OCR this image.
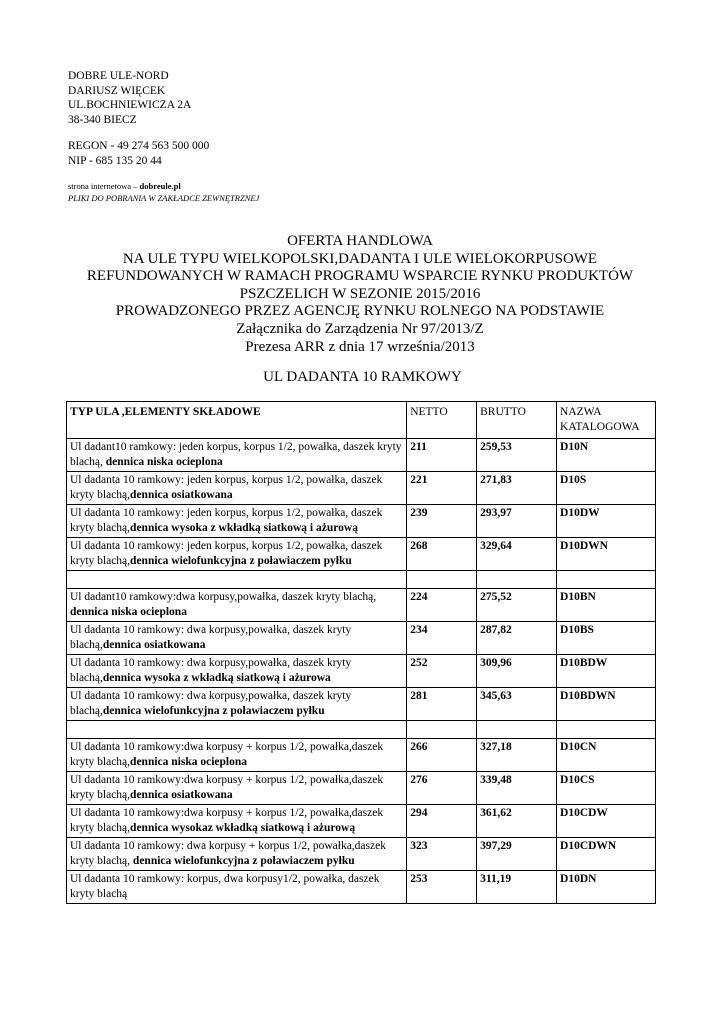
DOBRE ULE-NORD
DARIUSZ WIĘCEK
UL.BOCHNIEWICZA 2A
38-340 BIECZ
REGON - 49 274 563 500 000
NIP - 685 135 20 44
strona internetowa – dobreule.pl
PLIKI DO POBRANIA W ZAKŁADCE ZEWNĘTRZNEJ
OFERTA HANDLOWA
NA ULE TYPU WIELKOPOLSKI,DADANTA I ULE WIELOKORPUSOWE
REFUNDOWANYCH W RAMACH PROGRAMU WSPARCIE RYNKU PRODUKTÓW
PSZCZELICH W SEZONIE 2015/2016
PROWADZONEGO PRZEZ AGENCJĘ RYNKU ROLNEGO NA PODSTAWIE
Załącznika do Zarządzenia Nr 97/2013/Z
Prezesa ARR z dnia 17 września/2013
UL DADANTA 10 RAMKOWY
TYP ULA ,ELEMENTY SKŁADOWE	NETTO	BRUTTO	NAZWA KATALOGOWA
Ul dadant10 ramkowy: jeden korpus, korpus 1/2, powałka, daszek kryty blachą, dennica niska ocieplona	211	259,53	D10N
Ul dadanta 10 ramkowy: jeden korpus, korpus 1/2, powałka, daszek kryty blachą,dennica osiatkowana	221	271,83	D10S
Ul dadanta 10 ramkowy: jeden korpus, korpus 1/2, powałka, daszek kryty blachą,dennica wysoka z wkładką siatkową i ażurową	239	293,97	D10DW
Ul dadanta 10 ramkowy: jeden korpus, korpus 1/2, powałka, daszek kryty blachą,dennica wielofunkcyjna z poławiaczem pyłku	268	329,64	D10DWN

Ul dadant10 ramkowy:dwa korpusy,powałka, daszek kryty blachą, dennica niska ocieplona	224	275,52	D10BN
Ul dadanta 10 ramkowy: dwa korpusy,powałka, daszek kryty blachą,dennica osiatkowana	234	287,82	D10BS
Ul dadanta 10 ramkowy: dwa korpusy,powałka, daszek kryty blachą,dennica wysoka z wkładką siatkową i ażurowa	252	309,96	D10BDW
Ul dadanta 10 ramkowy: dwa korpusy,powałka, daszek kryty blachą,dennica wielofunkcyjna z poławiaczem pyłku	281	345,63	D10BDWN

Ul dadanta 10 ramkowy:dwa korpusy + korpus 1/2, powałka,daszek kryty blachą,dennica niska ocieplona	266	327,18	D10CN
Ul dadanta 10 ramkowy:dwa korpusy + korpus 1/2, powałka,daszek kryty blachą,dennica osiatkowana	276	339,48	D10CS
Ul dadanta 10 ramkowy:dwa korpusy + korpus 1/2, powałka,daszek kryty blachą,dennica wysokaz wkładką siatkową i ażurową	294	361,62	D10CDW
Ul dadanta 10 ramkowy: dwa korpusy + korpus 1/2, powałka,daszek kryty blachą, dennica wielofunkcyjna z poławiaczem pyłku	323	397,29	D10CDWN
Ul dadanta 10 ramkowy: korpus, dwa korpusy1/2, powałka, daszek kryty blachą	253	311,19	D10DN
